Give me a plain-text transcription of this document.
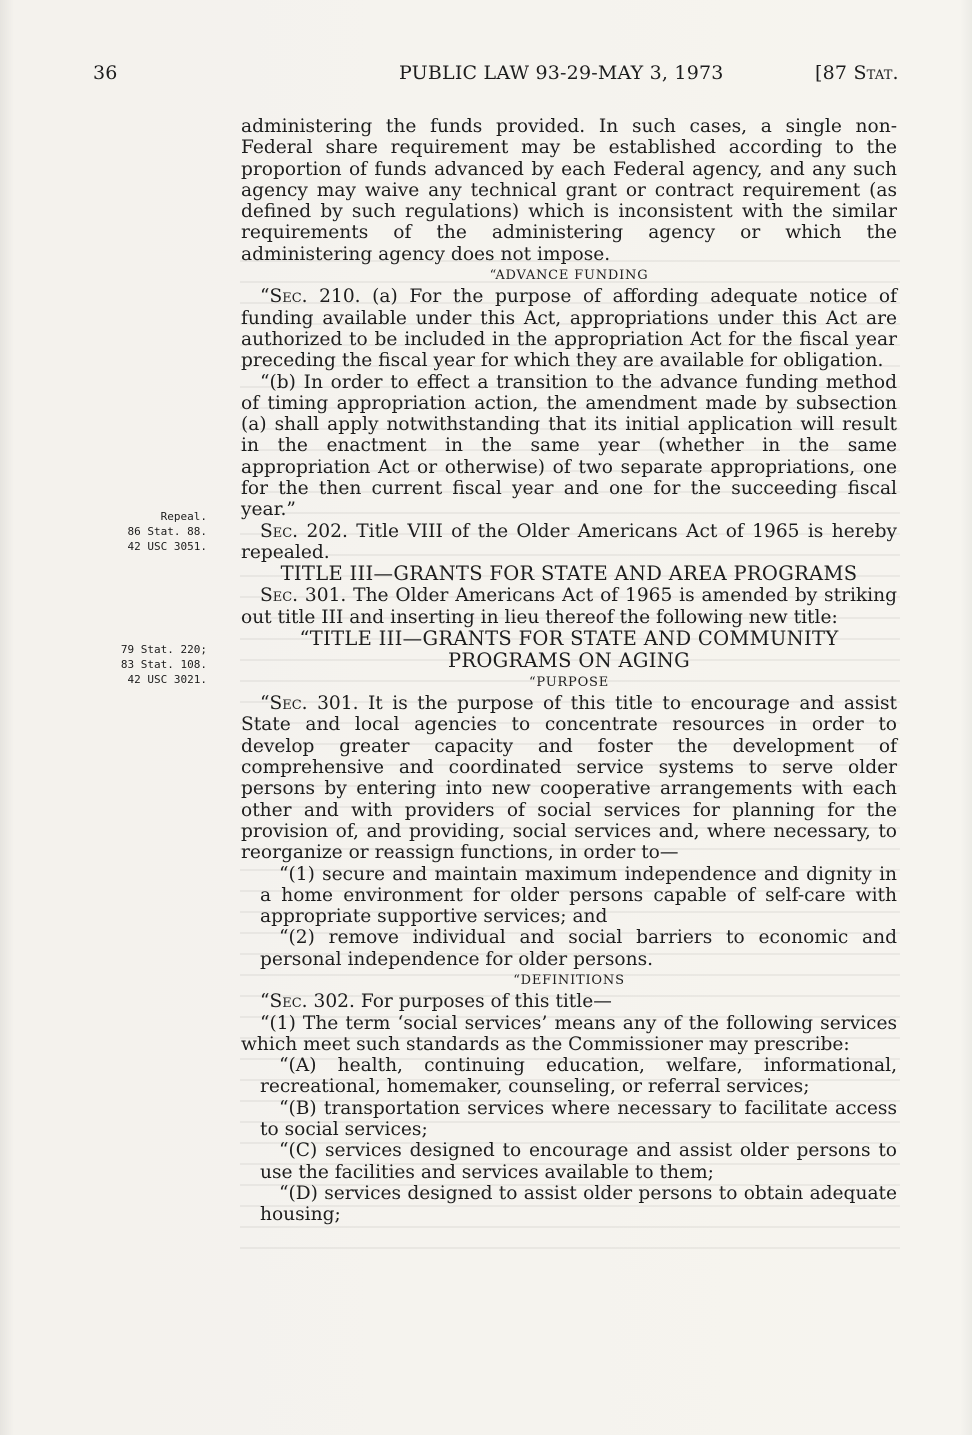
36	PUBLIC LAW 93-29-MAY 3, 1973	[87 Stat.
Repeal.
86 Stat. 88.
42 USC 3051.
79 Stat. 220;
83 Stat. 108.
42 USC 3021.

administering the funds provided. In such cases, a single non-Federal share requirement may be established according to the proportion of funds advanced by each Federal agency, and any such agency may waive any technical grant or contract requirement (as defined by such regulations) which is inconsistent with the similar requirements of the administering agency or which the administering agency does not impose.

“ADVANCE FUNDING

“Sec. 210. (a) For the purpose of affording adequate notice of funding available under this Act, appropriations under this Act are authorized to be included in the appropriation Act for the fiscal year preceding the fiscal year for which they are available for obligation.

“(b) In order to effect a transition to the advance funding method of timing appropriation action, the amendment made by subsection (a) shall apply notwithstanding that its initial application will result in the enactment in the same year (whether in the same appropriation Act or otherwise) of two separate appropriations, one for the then current fiscal year and one for the succeeding fiscal year.”

Sec. 202. Title VIII of the Older Americans Act of 1965 is hereby repealed.

TITLE III—GRANTS FOR STATE AND AREA PROGRAMS

Sec. 301. The Older Americans Act of 1965 is amended by striking out title III and inserting in lieu thereof the following new title:

“TITLE III—GRANTS FOR STATE AND COMMUNITY PROGRAMS ON AGING

“PURPOSE

“Sec. 301. It is the purpose of this title to encourage and assist State and local agencies to concentrate resources in order to develop greater capacity and foster the development of comprehensive and coordinated service systems to serve older persons by entering into new cooperative arrangements with each other and with providers of social services for planning for the provision of, and providing, social services and, where necessary, to reorganize or reassign functions, in order to—

“(1) secure and maintain maximum independence and dignity in a home environment for older persons capable of self-care with appropriate supportive services; and

“(2) remove individual and social barriers to economic and personal independence for older persons.

“DEFINITIONS

“Sec. 302. For purposes of this title—

“(1) The term ‘social services’ means any of the following services which meet such standards as the Commissioner may prescribe:

“(A) health, continuing education, welfare, informational, recreational, homemaker, counseling, or referral services;

“(B) transportation services where necessary to facilitate access to social services;

“(C) services designed to encourage and assist older persons to use the facilities and services available to them;

“(D) services designed to assist older persons to obtain adequate housing;
